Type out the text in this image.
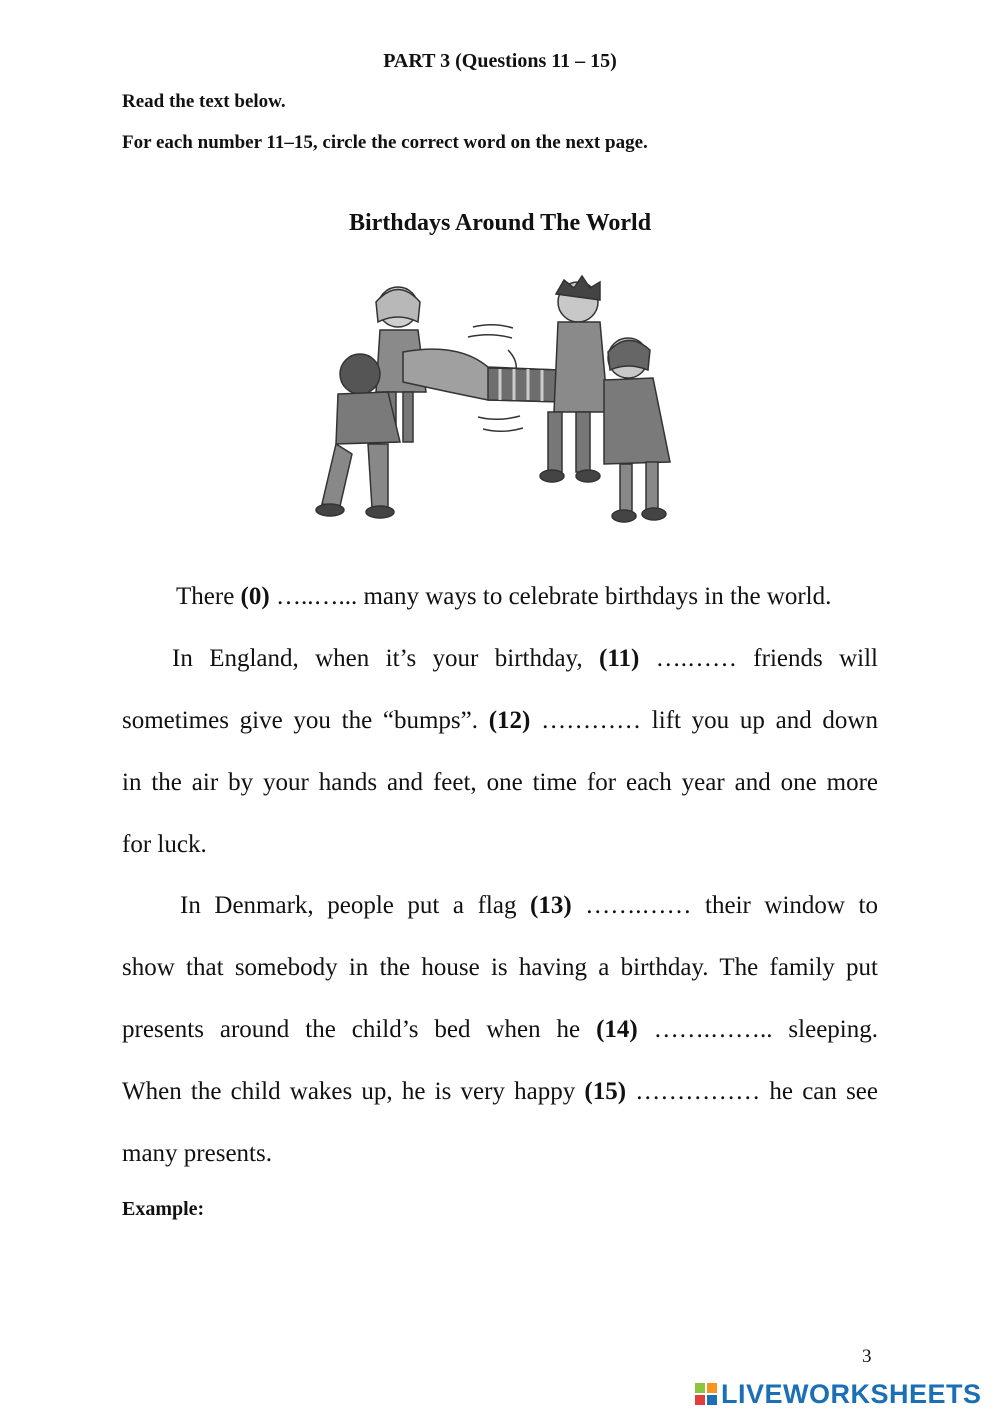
PART 3 (Questions 11 – 15)
Read the text below.
For each number 11–15, circle the correct word on the next page.
Birthdays Around The World
There (0) …..…... many ways to celebrate birthdays in the world.
In England, when it’s your birthday, (11) ….…… friends will
sometimes give you the “bumps”. (12) ………… lift you up and down
in the air by your hands and feet, one time for each year and one more
for luck.
In Denmark, people put a flag (13) …….…… their window to
show that somebody in the house is having a birthday. The family put
presents around the child’s bed when he (14) …….…….. sleeping.
When the child wakes up, he is very happy (15) …………… he can see
many presents.
Example:
3
LIVEWORKSHEETS
